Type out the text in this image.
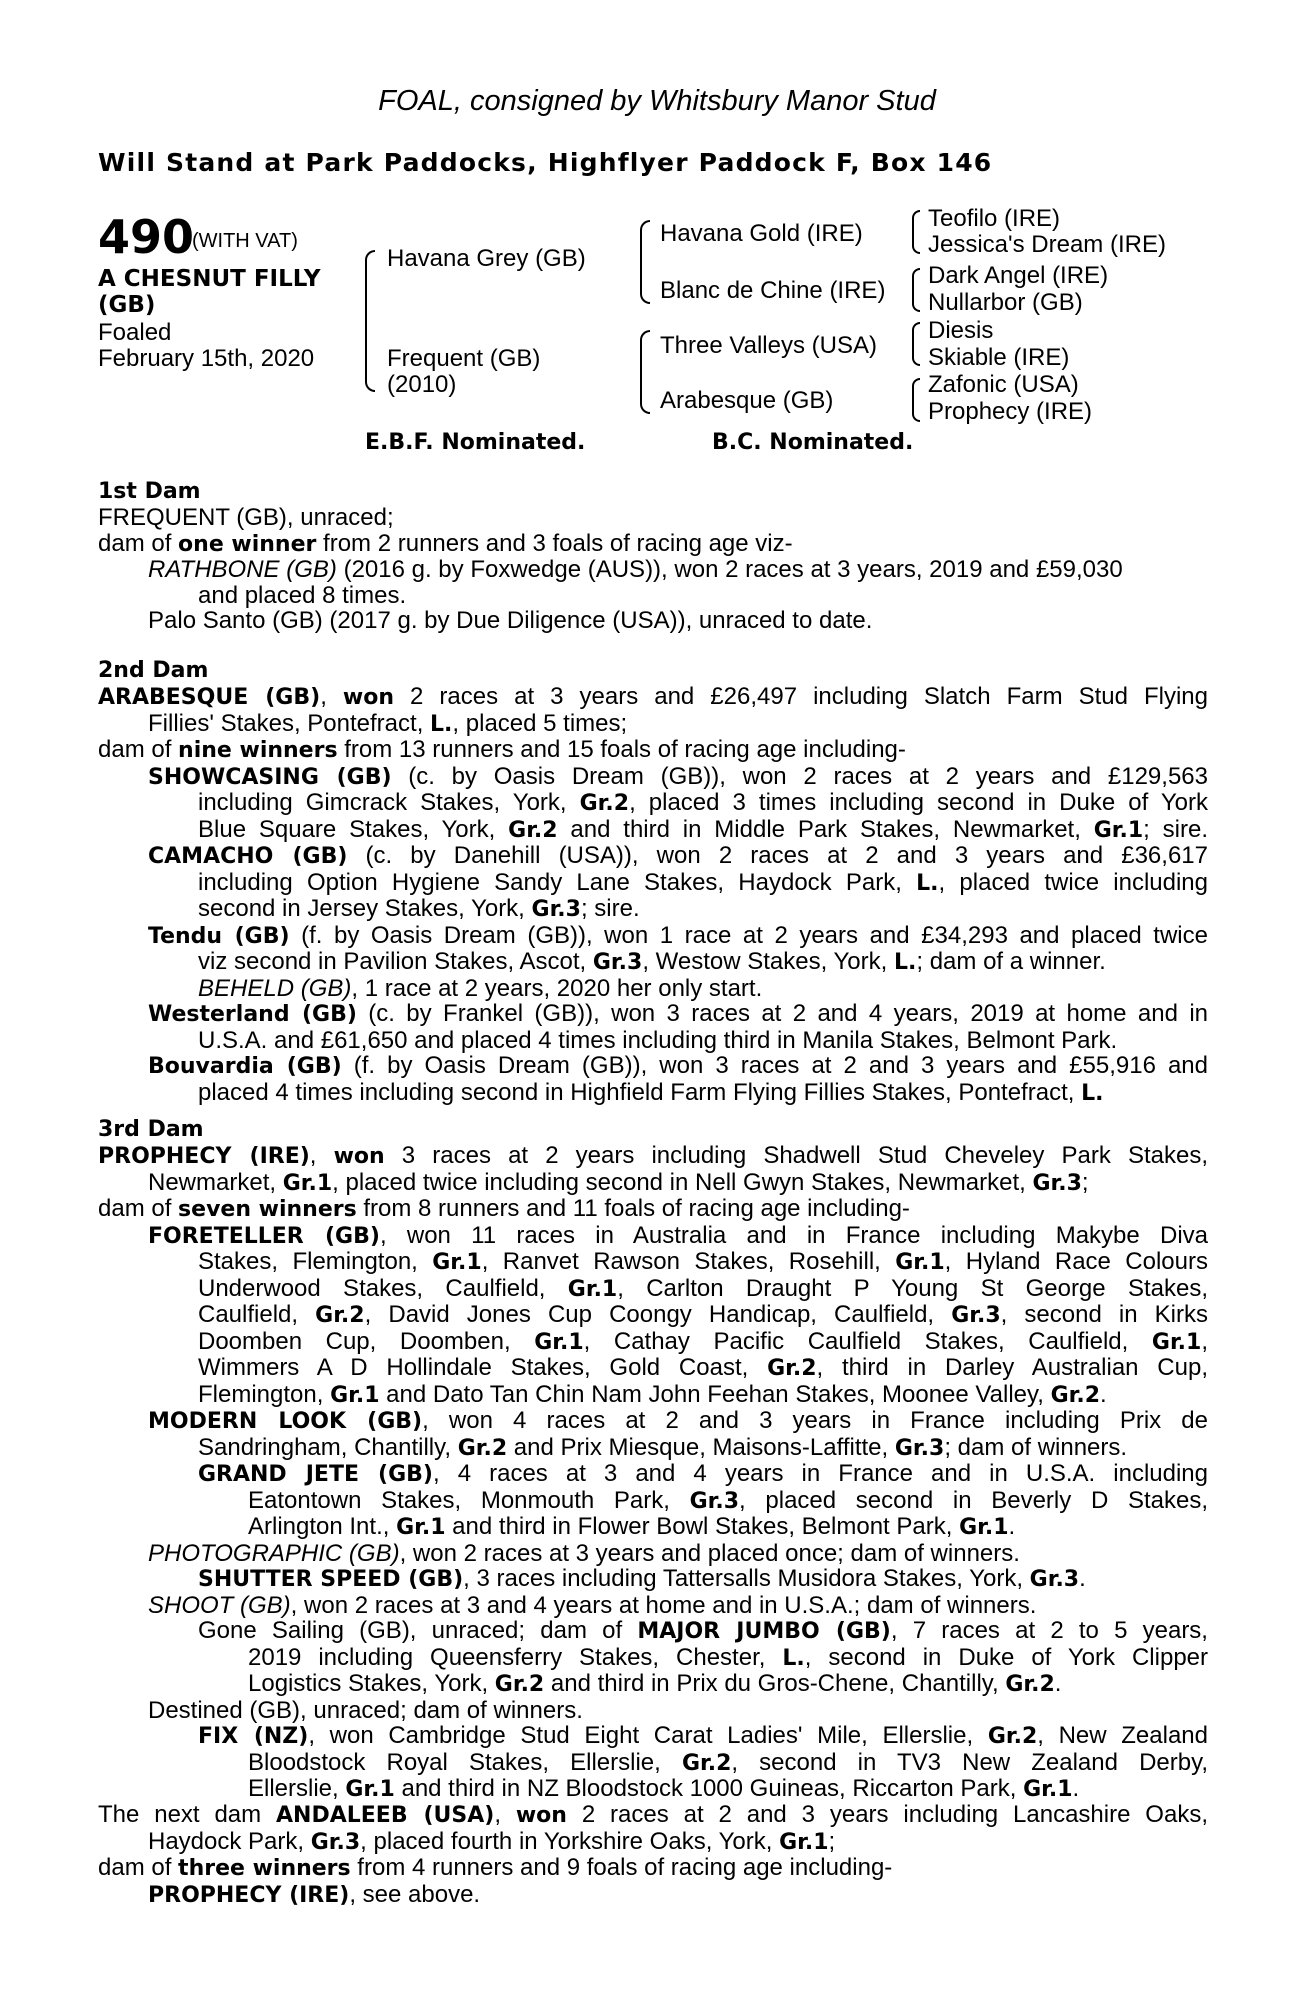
FOAL, consigned by Whitsbury Manor Stud
Will Stand at Park Paddocks, Highflyer Paddock F, Box 146
490
(WITH VAT)
A CHESNUT FILLY
(GB)
Foaled
February 15th, 2020
Havana Grey (GB)
Frequent (GB)
(2010)
Havana Gold (IRE)
Blanc de Chine (IRE)
Three Valleys (USA)
Arabesque (GB)
Teofilo (IRE)
Jessica's Dream (IRE)
Dark Angel (IRE)
Nullarbor (GB)
Diesis
Skiable (IRE)
Zafonic (USA)
Prophecy (IRE)
E.B.F. Nominated.	B.C. Nominated.
1st Dam
FREQUENT (GB), unraced;
dam of one winner from 2 runners and 3 foals of racing age viz-
RATHBONE (GB) (2016 g. by Foxwedge (AUS)), won 2 races at 3 years, 2019 and £59,030
and placed 8 times.
Palo Santo (GB) (2017 g. by Due Diligence (USA)), unraced to date.
2nd Dam
ARABESQUE (GB), won 2 races at 3 years and £26,497 including Slatch Farm Stud Flying
Fillies' Stakes, Pontefract, L., placed 5 times;
dam of nine winners from 13 runners and 15 foals of racing age including-
SHOWCASING (GB) (c. by Oasis Dream (GB)), won 2 races at 2 years and £129,563
including Gimcrack Stakes, York, Gr.2, placed 3 times including second in Duke of York
Blue Square Stakes, York, Gr.2 and third in Middle Park Stakes, Newmarket, Gr.1; sire.
CAMACHO (GB) (c. by Danehill (USA)), won 2 races at 2 and 3 years and £36,617
including Option Hygiene Sandy Lane Stakes, Haydock Park, L., placed twice including
second in Jersey Stakes, York, Gr.3; sire.
Tendu (GB) (f. by Oasis Dream (GB)), won 1 race at 2 years and £34,293 and placed twice
viz second in Pavilion Stakes, Ascot, Gr.3, Westow Stakes, York, L.; dam of a winner.
BEHELD (GB), 1 race at 2 years, 2020 her only start.
Westerland (GB) (c. by Frankel (GB)), won 3 races at 2 and 4 years, 2019 at home and in
U.S.A. and £61,650 and placed 4 times including third in Manila Stakes, Belmont Park.
Bouvardia (GB) (f. by Oasis Dream (GB)), won 3 races at 2 and 3 years and £55,916 and
placed 4 times including second in Highfield Farm Flying Fillies Stakes, Pontefract, L.
3rd Dam
PROPHECY (IRE), won 3 races at 2 years including Shadwell Stud Cheveley Park Stakes,
Newmarket, Gr.1, placed twice including second in Nell Gwyn Stakes, Newmarket, Gr.3;
dam of seven winners from 8 runners and 11 foals of racing age including-
FORETELLER (GB), won 11 races in Australia and in France including Makybe Diva
Stakes, Flemington, Gr.1, Ranvet Rawson Stakes, Rosehill, Gr.1, Hyland Race Colours
Underwood Stakes, Caulfield, Gr.1, Carlton Draught P Young St George Stakes,
Caulfield, Gr.2, David Jones Cup Coongy Handicap, Caulfield, Gr.3, second in Kirks
Doomben Cup, Doomben, Gr.1, Cathay Pacific Caulfield Stakes, Caulfield, Gr.1,
Wimmers A D Hollindale Stakes, Gold Coast, Gr.2, third in Darley Australian Cup,
Flemington, Gr.1 and Dato Tan Chin Nam John Feehan Stakes, Moonee Valley, Gr.2.
MODERN LOOK (GB), won 4 races at 2 and 3 years in France including Prix de
Sandringham, Chantilly, Gr.2 and Prix Miesque, Maisons-Laffitte, Gr.3; dam of winners.
GRAND JETE (GB), 4 races at 3 and 4 years in France and in U.S.A. including
Eatontown Stakes, Monmouth Park, Gr.3, placed second in Beverly D Stakes,
Arlington Int., Gr.1 and third in Flower Bowl Stakes, Belmont Park, Gr.1.
PHOTOGRAPHIC (GB), won 2 races at 3 years and placed once; dam of winners.
SHUTTER SPEED (GB), 3 races including Tattersalls Musidora Stakes, York, Gr.3.
SHOOT (GB), won 2 races at 3 and 4 years at home and in U.S.A.; dam of winners.
Gone Sailing (GB), unraced; dam of MAJOR JUMBO (GB), 7 races at 2 to 5 years,
2019 including Queensferry Stakes, Chester, L., second in Duke of York Clipper
Logistics Stakes, York, Gr.2 and third in Prix du Gros-Chene, Chantilly, Gr.2.
Destined (GB), unraced; dam of winners.
FIX (NZ), won Cambridge Stud Eight Carat Ladies' Mile, Ellerslie, Gr.2, New Zealand
Bloodstock Royal Stakes, Ellerslie, Gr.2, second in TV3 New Zealand Derby,
Ellerslie, Gr.1 and third in NZ Bloodstock 1000 Guineas, Riccarton Park, Gr.1.
The next dam ANDALEEB (USA), won 2 races at 2 and 3 years including Lancashire Oaks,
Haydock Park, Gr.3, placed fourth in Yorkshire Oaks, York, Gr.1;
dam of three winners from 4 runners and 9 foals of racing age including-
PROPHECY (IRE), see above.
